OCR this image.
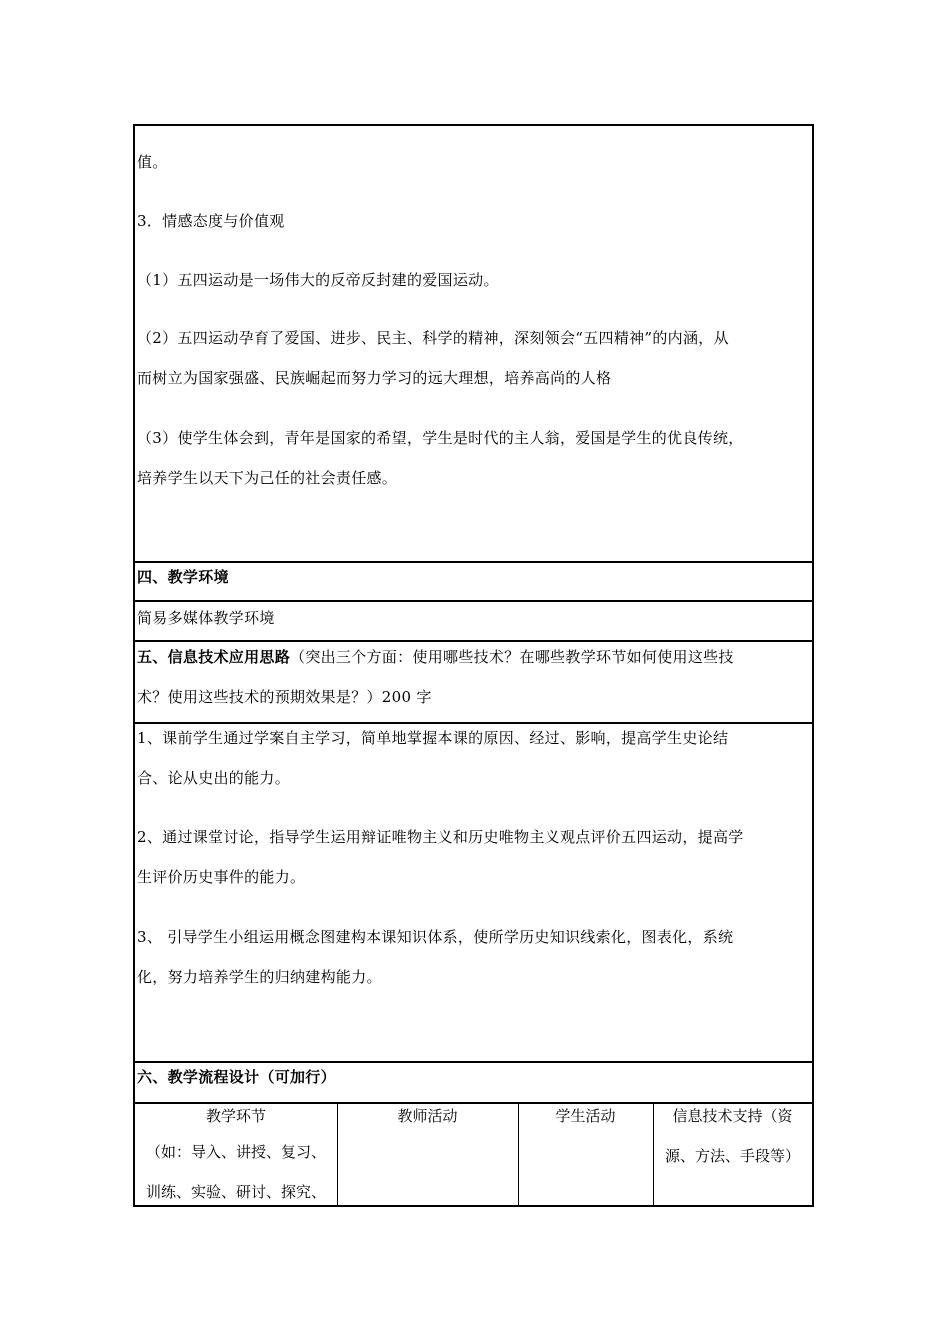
值。
3．情感态度与价值观
（1）五四运动是一场伟大的反帝反封建的爱国运动。
（2）五四运动孕育了爱国、进步、民主、科学的精神，深刻领会“五四精神”的内涵，从
而树立为国家强盛、民族崛起而努力学习的远大理想，培养高尚的人格
（3）使学生体会到，青年是国家的希望，学生是时代的主人翁，爱国是学生的优良传统，
培养学生以天下为己任的社会责任感。
四、教学环境
简易多媒体教学环境
五、信息技术应用思路（突出三个方面：使用哪些技术？在哪些教学环节如何使用这些技
术？使用这些技术的预期效果是？）200 字
1、课前学生通过学案自主学习，简单地掌握本课的原因、经过、影响，提高学生史论结
合、论从史出的能力。
2、通过课堂讨论，指导学生运用辩证唯物主义和历史唯物主义观点评价五四运动，提高学
生评价历史事件的能力。
3、 引导学生小组运用概念图建构本课知识体系，使所学历史知识线索化，图表化，系统
化，努力培养学生的归纳建构能力。
六、教学流程设计（可加行）
教学环节
（如：导入、讲授、复习、
训练、实验、研讨、探究、
教师活动	学生活动	信息技术支持（资
源、方法、手段等）
